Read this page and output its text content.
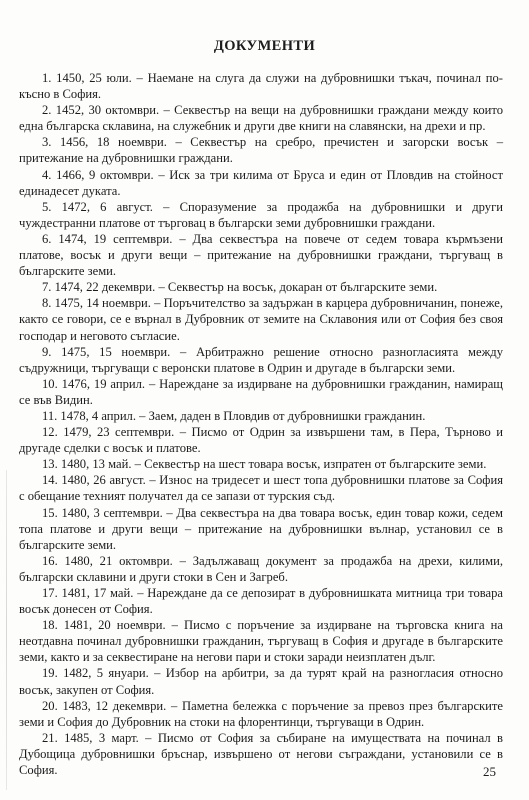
ДОКУМЕНТИ

1. 1450, 25 юли. – Наемане на слуга да служи на дубровнишки тъкач, починал по-късно в София.

2. 1452, 30 октомври. – Секвестър на вещи на дубровнишки граждани между които една българска склавина, на служебник и други две книги на славянски, на дрехи и пр.

3. 1456, 18 ноември. – Секвестър на сребро, пречистен и загорски восък – притежание на дубровнишки граждани.

4. 1466, 9 октомври. – Иск за три килима от Бруса и един от Пловдив на стойност единадесет дуката.

5. 1472, 6 август. – Споразумение за продажба на дубровнишки и други чуждестранни платове от търговац в български земи дубровнишки граждани.

6. 1474, 19 септември. – Два секвестъра на повече от седем товара кърмъзени платове, восък и други вещи – притежание на дубровнишки граждани, търгуващ в българските земи.

7. 1474, 22 декември. – Секвестър на восък, докаран от българските земи.

8. 1475, 14 ноември. – Поръчителство за задържан в карцера дубровничанин, понеже, както се говори, се е върнал в Дубровник от земите на Склавония или от София без своя господар и неговото съгласие.

9. 1475, 15 ноември. – Арбитражно решение относно разногласията между съдружници, търгуващи с веронски платове в Одрин и другаде в български земи.

10. 1476, 19 април. – Нареждане за издирване на дубровнишки гражданин, намиращ се във Видин.

11. 1478, 4 април. – Заем, даден в Пловдив от дубровнишки гражданин.

12. 1479, 23 септември. – Писмо от Одрин за извършени там, в Пера, Търново и другаде сделки с восък и платове.

13. 1480, 13 май. – Секвестър на шест товара восък, изпратен от българските земи.

14. 1480, 26 август. – Износ на тридесет и шест топа дубровнишки платове за София с обещание техният получател да се запази от турския съд.

15. 1480, 3 септември. – Два секвестъра на два товара восък, един товар кожи, седем топа платове и други вещи – притежание на дубровнишки вълнар, установил се в българските земи.

16. 1480, 21 октомври. – Задължаващ документ за продажба на дрехи, килими, български склавини и други стоки в Сен и Загреб.

17. 1481, 17 май. – Нареждане да се депозират в дубровнишката митница три товара восък донесен от София.

18. 1481, 20 ноември. – Писмо с поръчение за издирване на търговска книга на неотдавна починал дубровнишки гражданин, търгуващ в София и другаде в българските земи, както и за секвестиране на негови пари и стоки заради неизплатен дълг.

19. 1482, 5 януари. – Избор на арбитри, за да турят край на разногласия относно восък, закупен от София.

20. 1483, 12 декември. – Паметна бележка с поръчение за превоз през българските земи и София до Дубровник на стоки на флорентинци, търгуващи в Одрин.

21. 1485, 3 март. – Писмо от София за събиране на имуществата на починал в Дубощица дубровнишки бръснар, извършено от негови съграждани, установили се в София.	25
